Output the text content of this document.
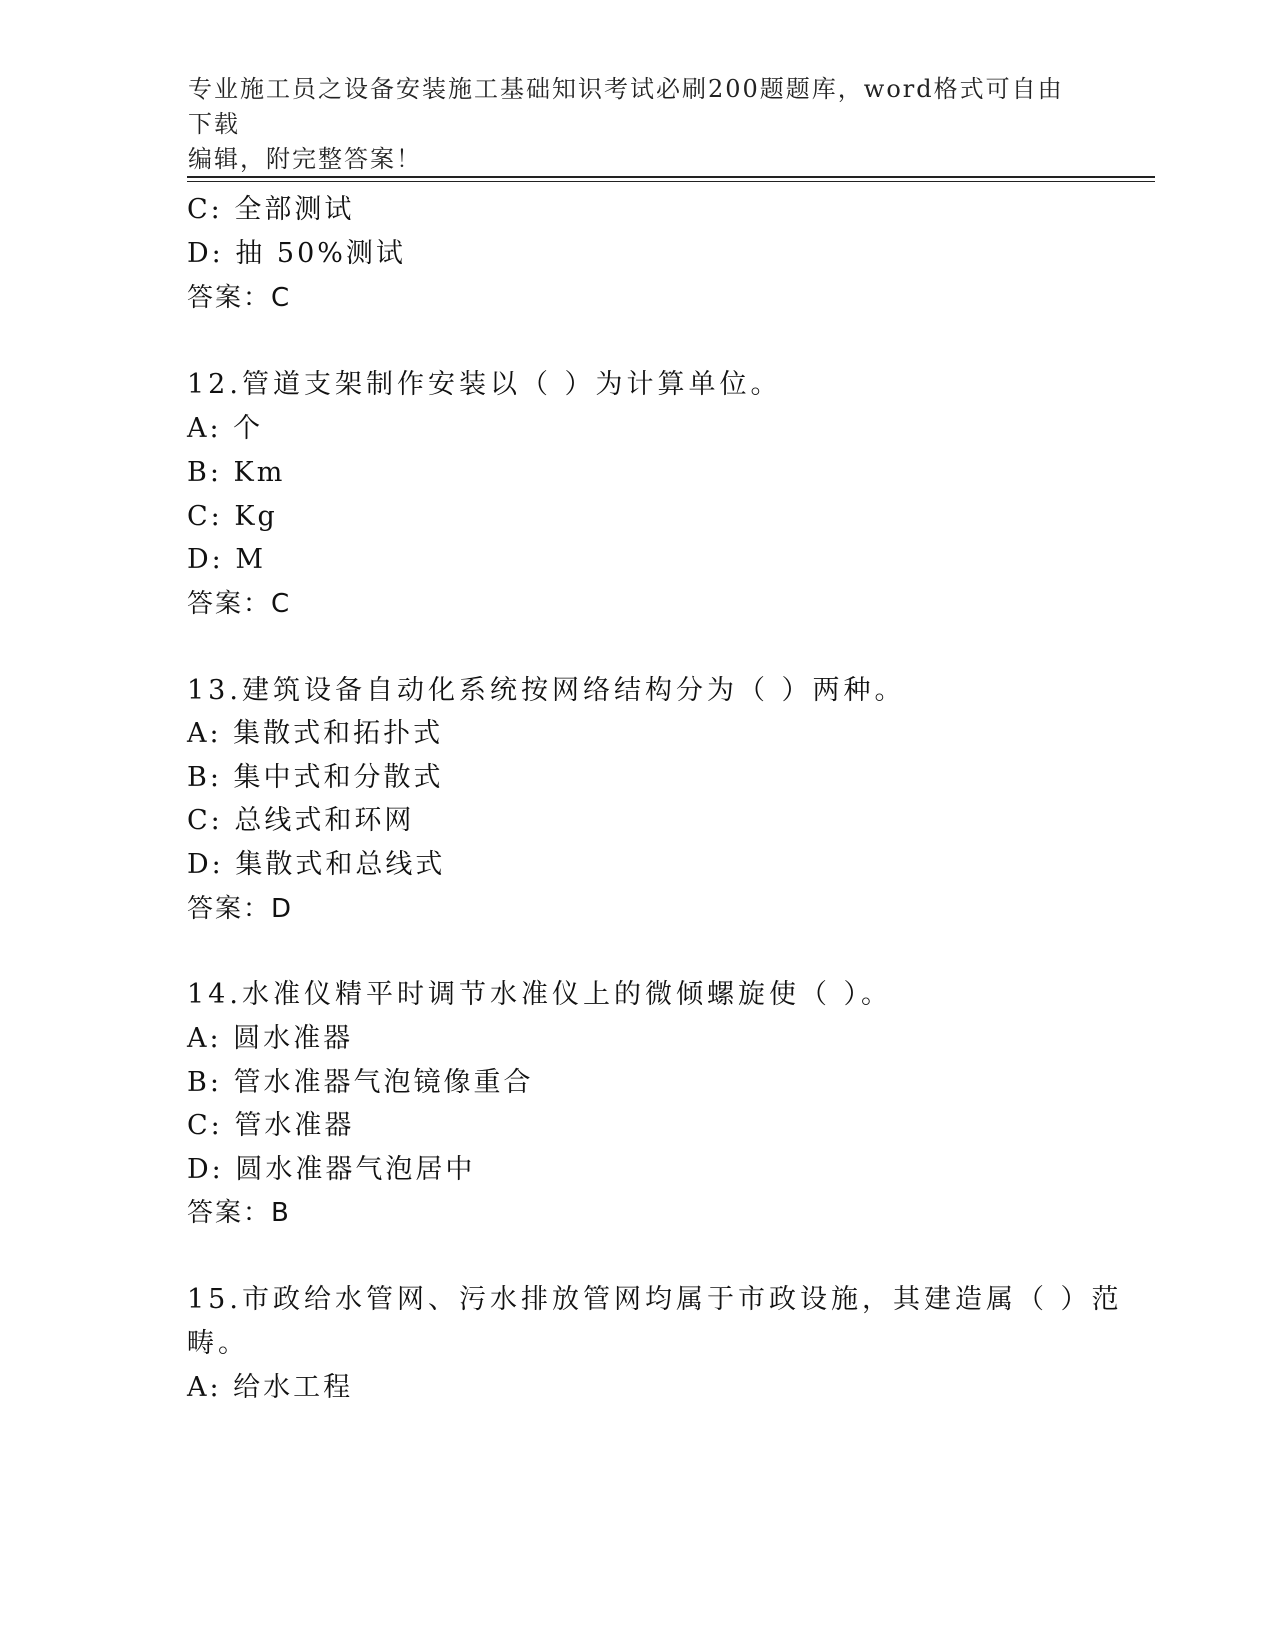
专业施工员之设备安装施工基础知识考试必刷200题题库，word格式可自由下载
编辑，附完整答案！
C: 全部测试
D: 抽 50%测试
答案：C
12.管道支架制作安装以（ ）为计算单位。
A: 个
B: Km
C: Kg
D: M
答案：C
13.建筑设备自动化系统按网络结构分为（ ）两种。
A: 集散式和拓扑式
B: 集中式和分散式
C: 总线式和环网
D: 集散式和总线式
答案：D
14.水准仪精平时调节水准仪上的微倾螺旋使（ ）。
A: 圆水准器
B: 管水准器气泡镜像重合
C: 管水准器
D: 圆水准器气泡居中
答案：B
15.市政给水管网、污水排放管网均属于市政设施，其建造属（ ）范
畴。
A: 给水工程
